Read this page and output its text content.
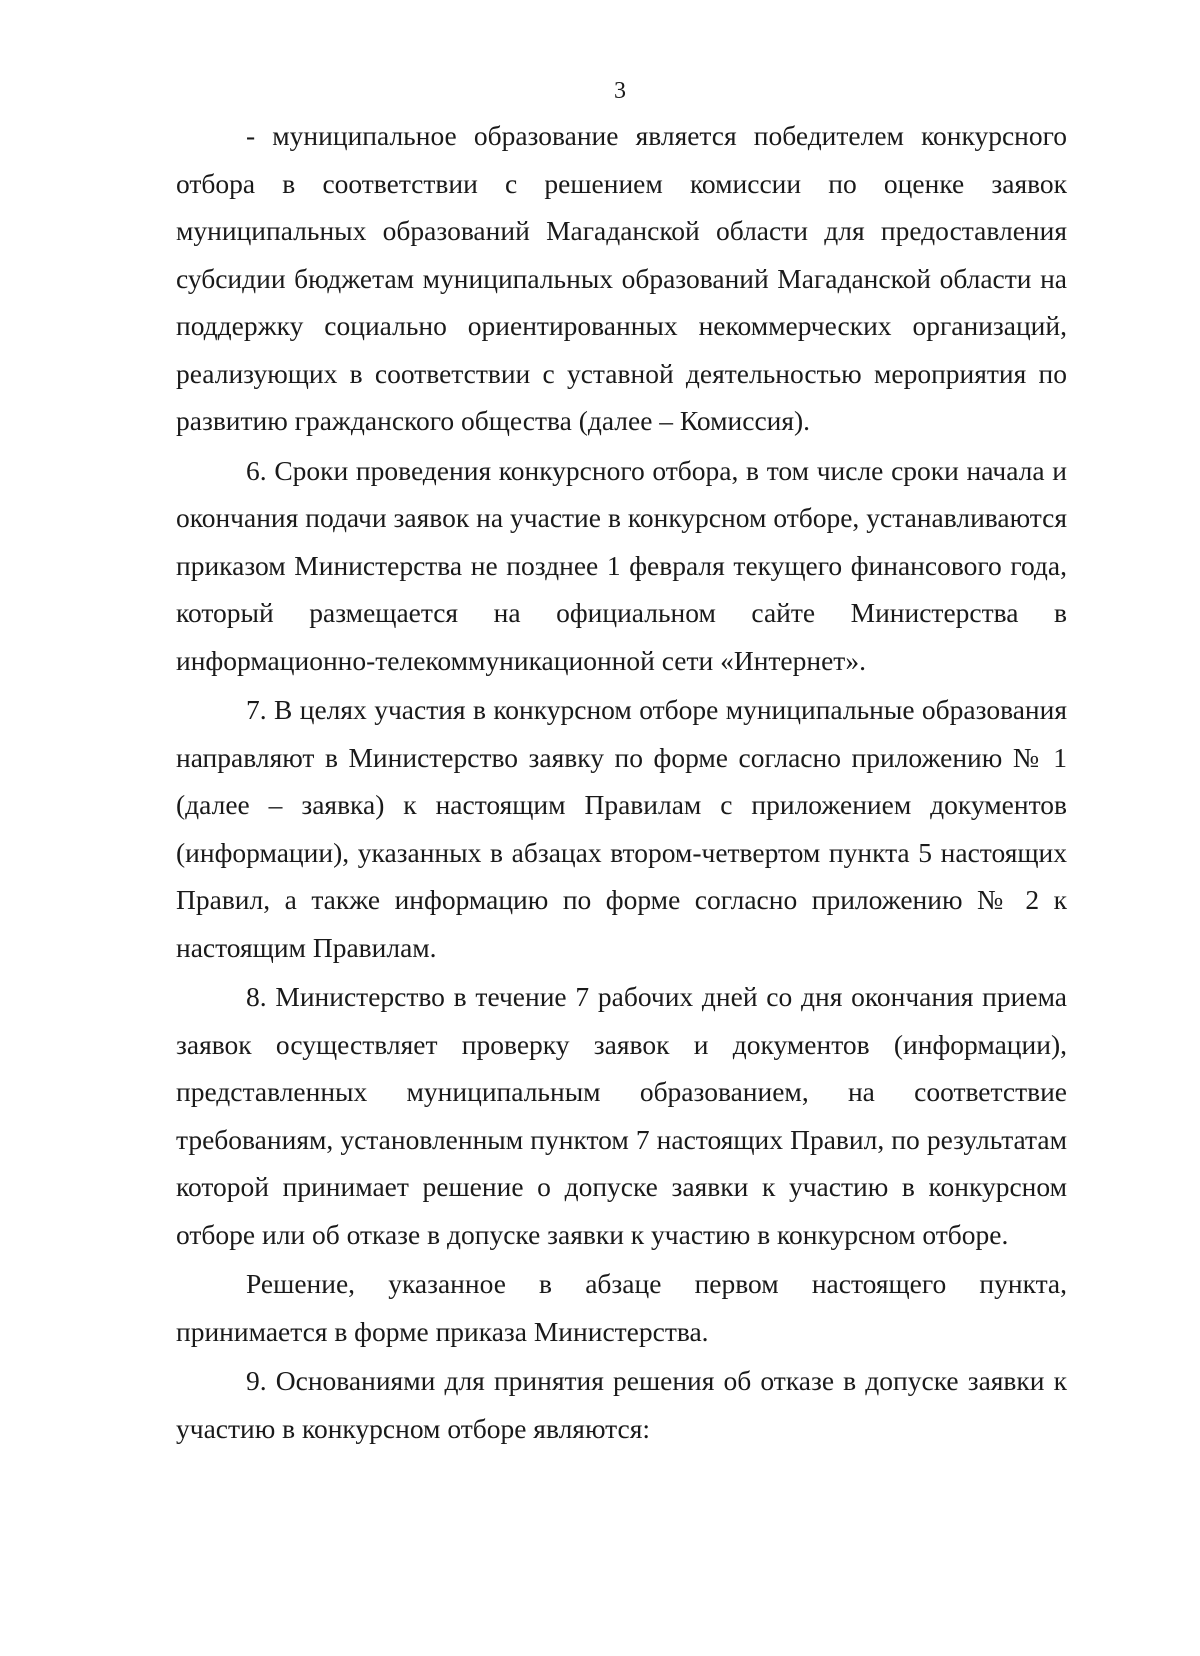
3

- муниципальное образование является победителем конкурсного отбора в соответствии с решением комиссии по оценке заявок муниципальных образований Магаданской области для предоставления субсидии бюджетам муниципальных образований Магаданской области на поддержку социально ориентированных некоммерческих организаций, реализующих в соответствии с уставной деятельностью мероприятия по развитию гражданского общества (далее – Комиссия).

6. Сроки проведения конкурсного отбора, в том числе сроки начала и окончания подачи заявок на участие в конкурсном отборе, устанавливаются приказом Министерства не позднее 1 февраля текущего финансового года, который размещается на официальном сайте Министерства в информационно-телекоммуникационной сети «Интернет».

7. В целях участия в конкурсном отборе муниципальные образования направляют в Министерство заявку по форме согласно приложению № 1 (далее – заявка) к настоящим Правилам с приложением документов (информации), указанных в абзацах втором-четвертом пункта 5 настоящих Правил, а также информацию по форме согласно приложению № 2 к настоящим Правилам.

8. Министерство в течение 7 рабочих дней со дня окончания приема заявок осуществляет проверку заявок и документов (информации), представленных муниципальным образованием, на соответствие требованиям, установленным пунктом 7 настоящих Правил, по результатам которой принимает решение о допуске заявки к участию в конкурсном отборе или об отказе в допуске заявки к участию в конкурсном отборе.

Решение, указанное в абзаце первом настоящего пункта, принимается в форме приказа Министерства.

9. Основаниями для принятия решения об отказе в допуске заявки к участию в конкурсном отборе являются:
